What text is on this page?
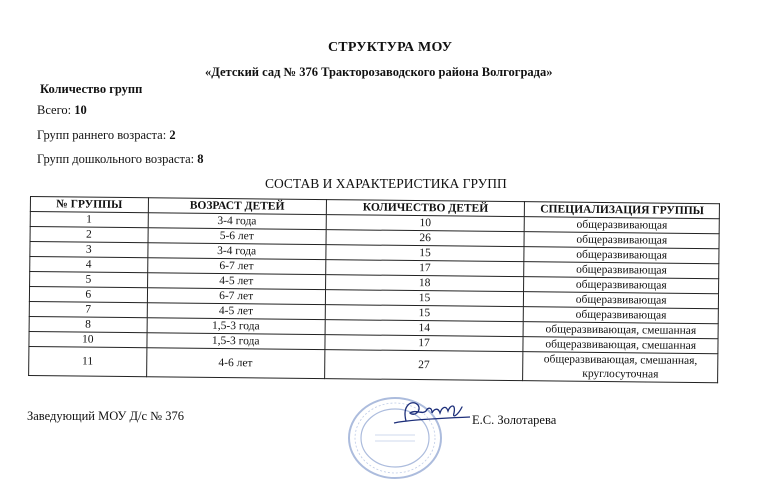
СТРУКТУРА МОУ
«Детский сад № 376 Тракторозаводского района Волгограда»
Количество групп
Всего: 10
Групп раннего возраста: 2
Групп дошкольного возраста: 8
СОСТАВ И ХАРАКТЕРИСТИКА ГРУПП
№ ГРУППЫ	ВОЗРАСТ ДЕТЕЙ	КОЛИЧЕСТВО ДЕТЕЙ	СПЕЦИАЛИЗАЦИЯ ГРУППЫ
1	3-4 года	10	общеразвивающая
2	5-6 лет	26	общеразвивающая
3	3-4 года	15	общеразвивающая
4	6-7 лет	17	общеразвивающая
5	4-5 лет	18	общеразвивающая
6	6-7 лет	15	общеразвивающая
7	4-5 лет	15	общеразвивающая
8	1,5-3 года	14	общеразвивающая, смешанная
10	1,5-3 года	17	общеразвивающая, смешанная
11	4-6 лет	27	общеразвивающая, смешанная, круглосуточная
Заведующий МОУ Д/с № 376	Е.С. Золотарева
